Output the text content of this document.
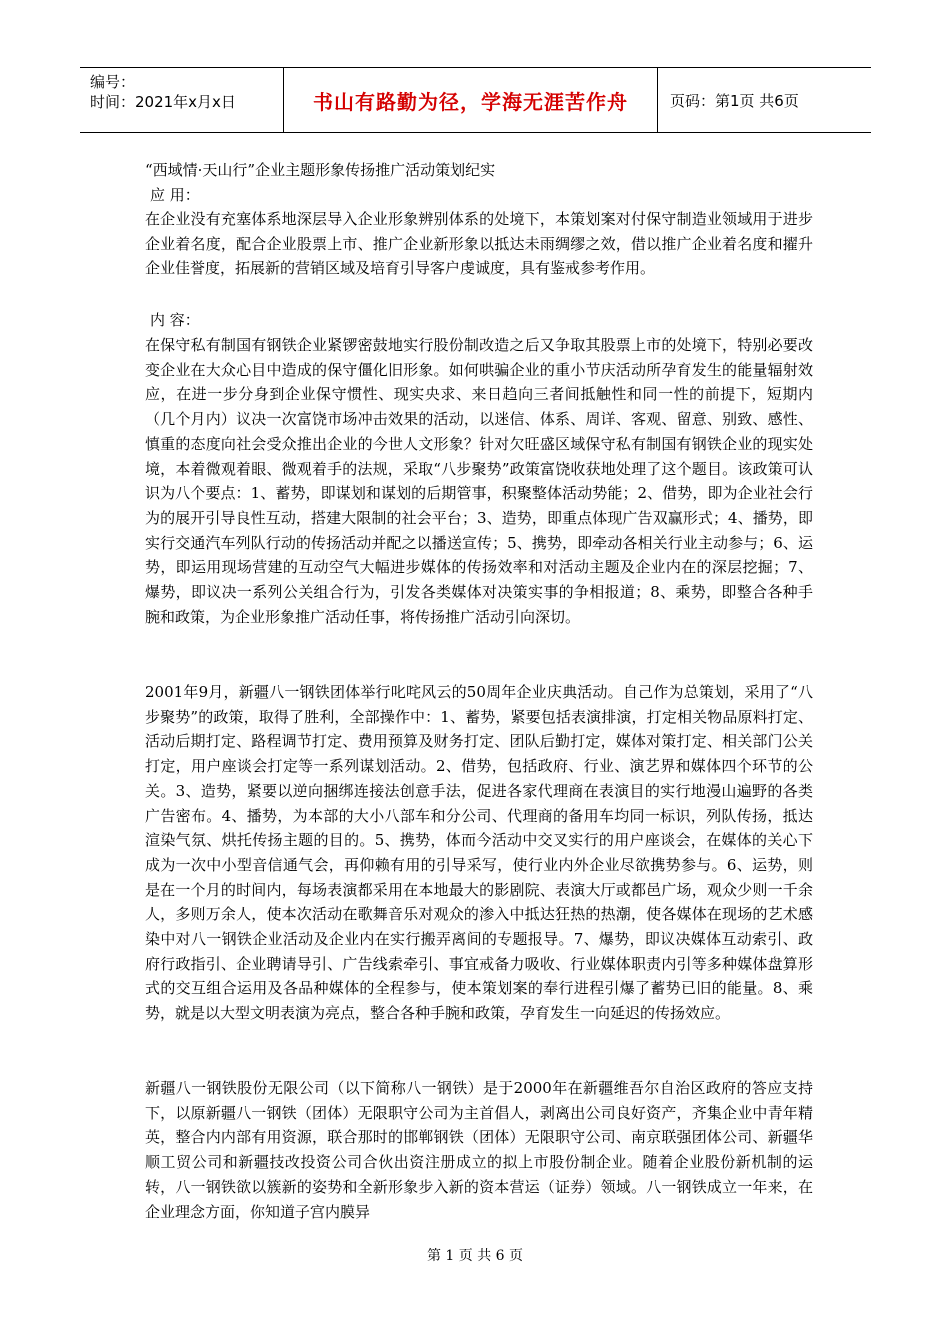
编号：
时间：2021年x月x日	书山有路勤为径，学海无涯苦作舟	页码：第1页 共6页
“西域情·天山行”企业主题形象传扬推广活动策划纪实
应 用：

在企业没有充塞体系地深层导入企业形象辨别体系的处境下，本策划案对付保守制造业领域用于进步企业着名度，配合企业股票上市、推广企业新形象以抵达未雨绸缪之效，借以推广企业着名度和擢升企业佳誉度，拓展新的营销区域及培育引导客户虔诚度，具有鉴戒参考作用。

内 容：

在保守私有制国有钢铁企业紧锣密鼓地实行股份制改造之后又争取其股票上市的处境下，特别必要改变企业在大众心目中造成的保守僵化旧形象。如何哄骗企业的重小节庆活动所孕育发生的能量辐射效应，在进一步分身到企业保守惯性、现实央求、来日趋向三者间抵触性和同一性的前提下，短期内（几个月内）议决一次富饶市场冲击效果的活动，以迷信、体系、周详、客观、留意、别致、感性、慎重的态度向社会受众推出企业的今世人文形象？针对欠旺盛区域保守私有制国有钢铁企业的现实处境，本着微观着眼、微观着手的法规，采取“八步聚势”政策富饶收获地处理了这个题目。该政策可认识为八个要点：1、蓄势，即谋划和谋划的后期管事，积聚整体活动势能；2、借势，即为企业社会行为的展开引导良性互动，搭建大限制的社会平台；3、造势，即重点体现广告双赢形式；4、播势，即实行交通汽车列队行动的传扬活动并配之以播送宣传；5、携势，即牵动各相关行业主动参与；6、运势，即运用现场营建的互动空气大幅进步媒体的传扬效率和对活动主题及企业内在的深层挖掘；7、爆势，即议决一系列公关组合行为，引发各类媒体对决策实事的争相报道；8、乘势，即整合各种手腕和政策，为企业形象推广活动任事，将传扬推广活动引向深切。

2001年9月，新疆八一钢铁团体举行叱咤风云的50周年企业庆典活动。自己作为总策划，采用了“八步聚势”的政策，取得了胜利，全部操作中：1、蓄势，紧要包括表演排演，打定相关物品原料打定、活动后期打定、路程调节打定、费用预算及财务打定、团队后勤打定，媒体对策打定、相关部门公关打定，用户座谈会打定等一系列谋划活动。2、借势，包括政府、行业、演艺界和媒体四个环节的公关。3、造势，紧要以逆向捆绑连接法创意手法，促进各家代理商在表演目的实行地漫山遍野的各类广告密布。4、播势，为本部的大小八部车和分公司、代理商的备用车均同一标识，列队传扬，抵达渲染气氛、烘托传扬主题的目的。5、携势，体而今活动中交叉实行的用户座谈会，在媒体的关心下成为一次中小型音信通气会，再仰赖有用的引导采写，使行业内外企业尽欲携势参与。6、运势，则是在一个月的时间内，每场表演都采用在本地最大的影剧院、表演大厅或都邑广场，观众少则一千余人，多则万余人，使本次活动在歌舞音乐对观众的渗入中抵达狂热的热潮，使各媒体在现场的艺术感染中对八一钢铁企业活动及企业内在实行搬弄离间的专题报导。7、爆势，即议决媒体互动索引、政府行政指引、企业聘请导引、广告线索牵引、事宜戒备力吸收、行业媒体职责内引等多种媒体盘算形式的交互组合运用及各品种媒体的全程参与，使本策划案的奉行进程引爆了蓄势已旧的能量。8、乘势，就是以大型文明表演为亮点，整合各种手腕和政策，孕育发生一向延迟的传扬效应。

新疆八一钢铁股份无限公司（以下简称八一钢铁）是于2000年在新疆维吾尔自治区政府的答应支持下，以原新疆八一钢铁（团体）无限职守公司为主首倡人，剥离出公司良好资产，齐集企业中青年精英，整合内内部有用资源，联合那时的邯郸钢铁（团体）无限职守公司、南京联强团体公司、新疆华顺工贸公司和新疆技改投资公司合伙出资注册成立的拟上市股份制企业。随着企业股份新机制的运转，八一钢铁欲以簇新的姿势和全新形象步入新的资本营运（证券）领域。八一钢铁成立一年来，在企业理念方面，你知道子宫内膜异

第 1 页 共 6 页
